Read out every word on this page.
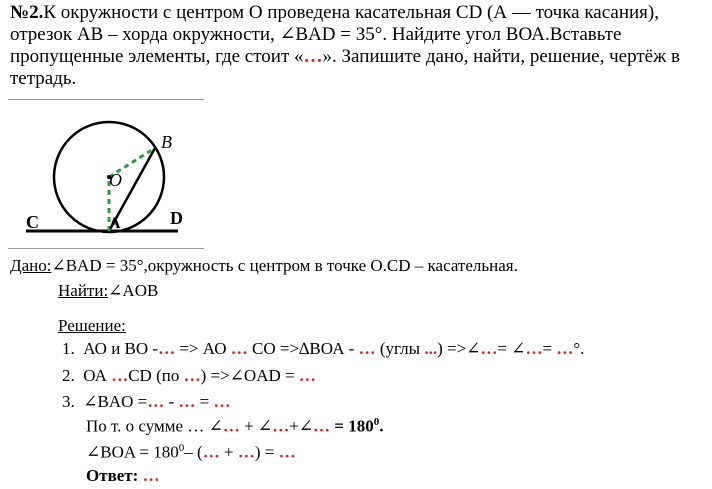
№2.К окружности с центром О проведена касательная CD (А — точка касания), отрезок АВ – хорда окружности, ∠BAD = 35°. Найдите угол ВОА.Вставьте пропущенные элементы, где стоит «…». Запишите дано, найти, решение, чертёж в тетрадь.
B
O
C	A	D
Дано:∠BAD = 35°,окружность с центром в точке О.CD – касательная.
Найти:∠AOB
Решение:
1. АО и ВО -… => АО … СО =>∆ВОА - … (углы ...) =>∠…= ∠…= …°.
2. ОА …CD (по …) =>∠OAD = …
3. ∠BAO =… - … = …
По т. о сумме … ∠… + ∠…+∠… = $180^0$.
∠BOA = $180^0-$ (… + …) = …
Ответ: …
